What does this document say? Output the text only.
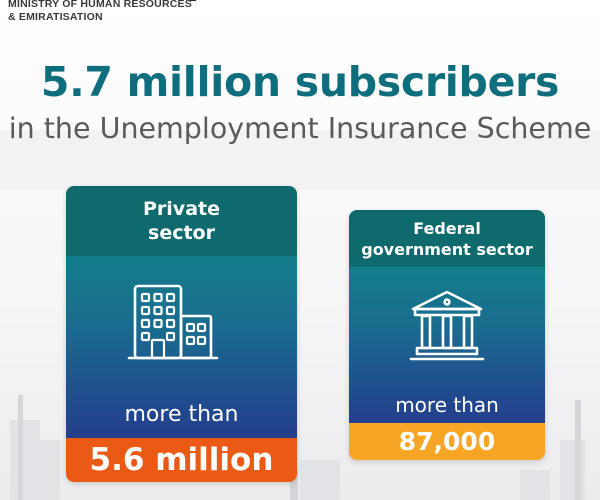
MINISTRY OF HUMAN RESOURCES
& EMIRATISATION
5.7 million subscribers
in the Unemployment Insurance Scheme
Private sector
more than
5.6 million
Federal government sector
more than
87,000
